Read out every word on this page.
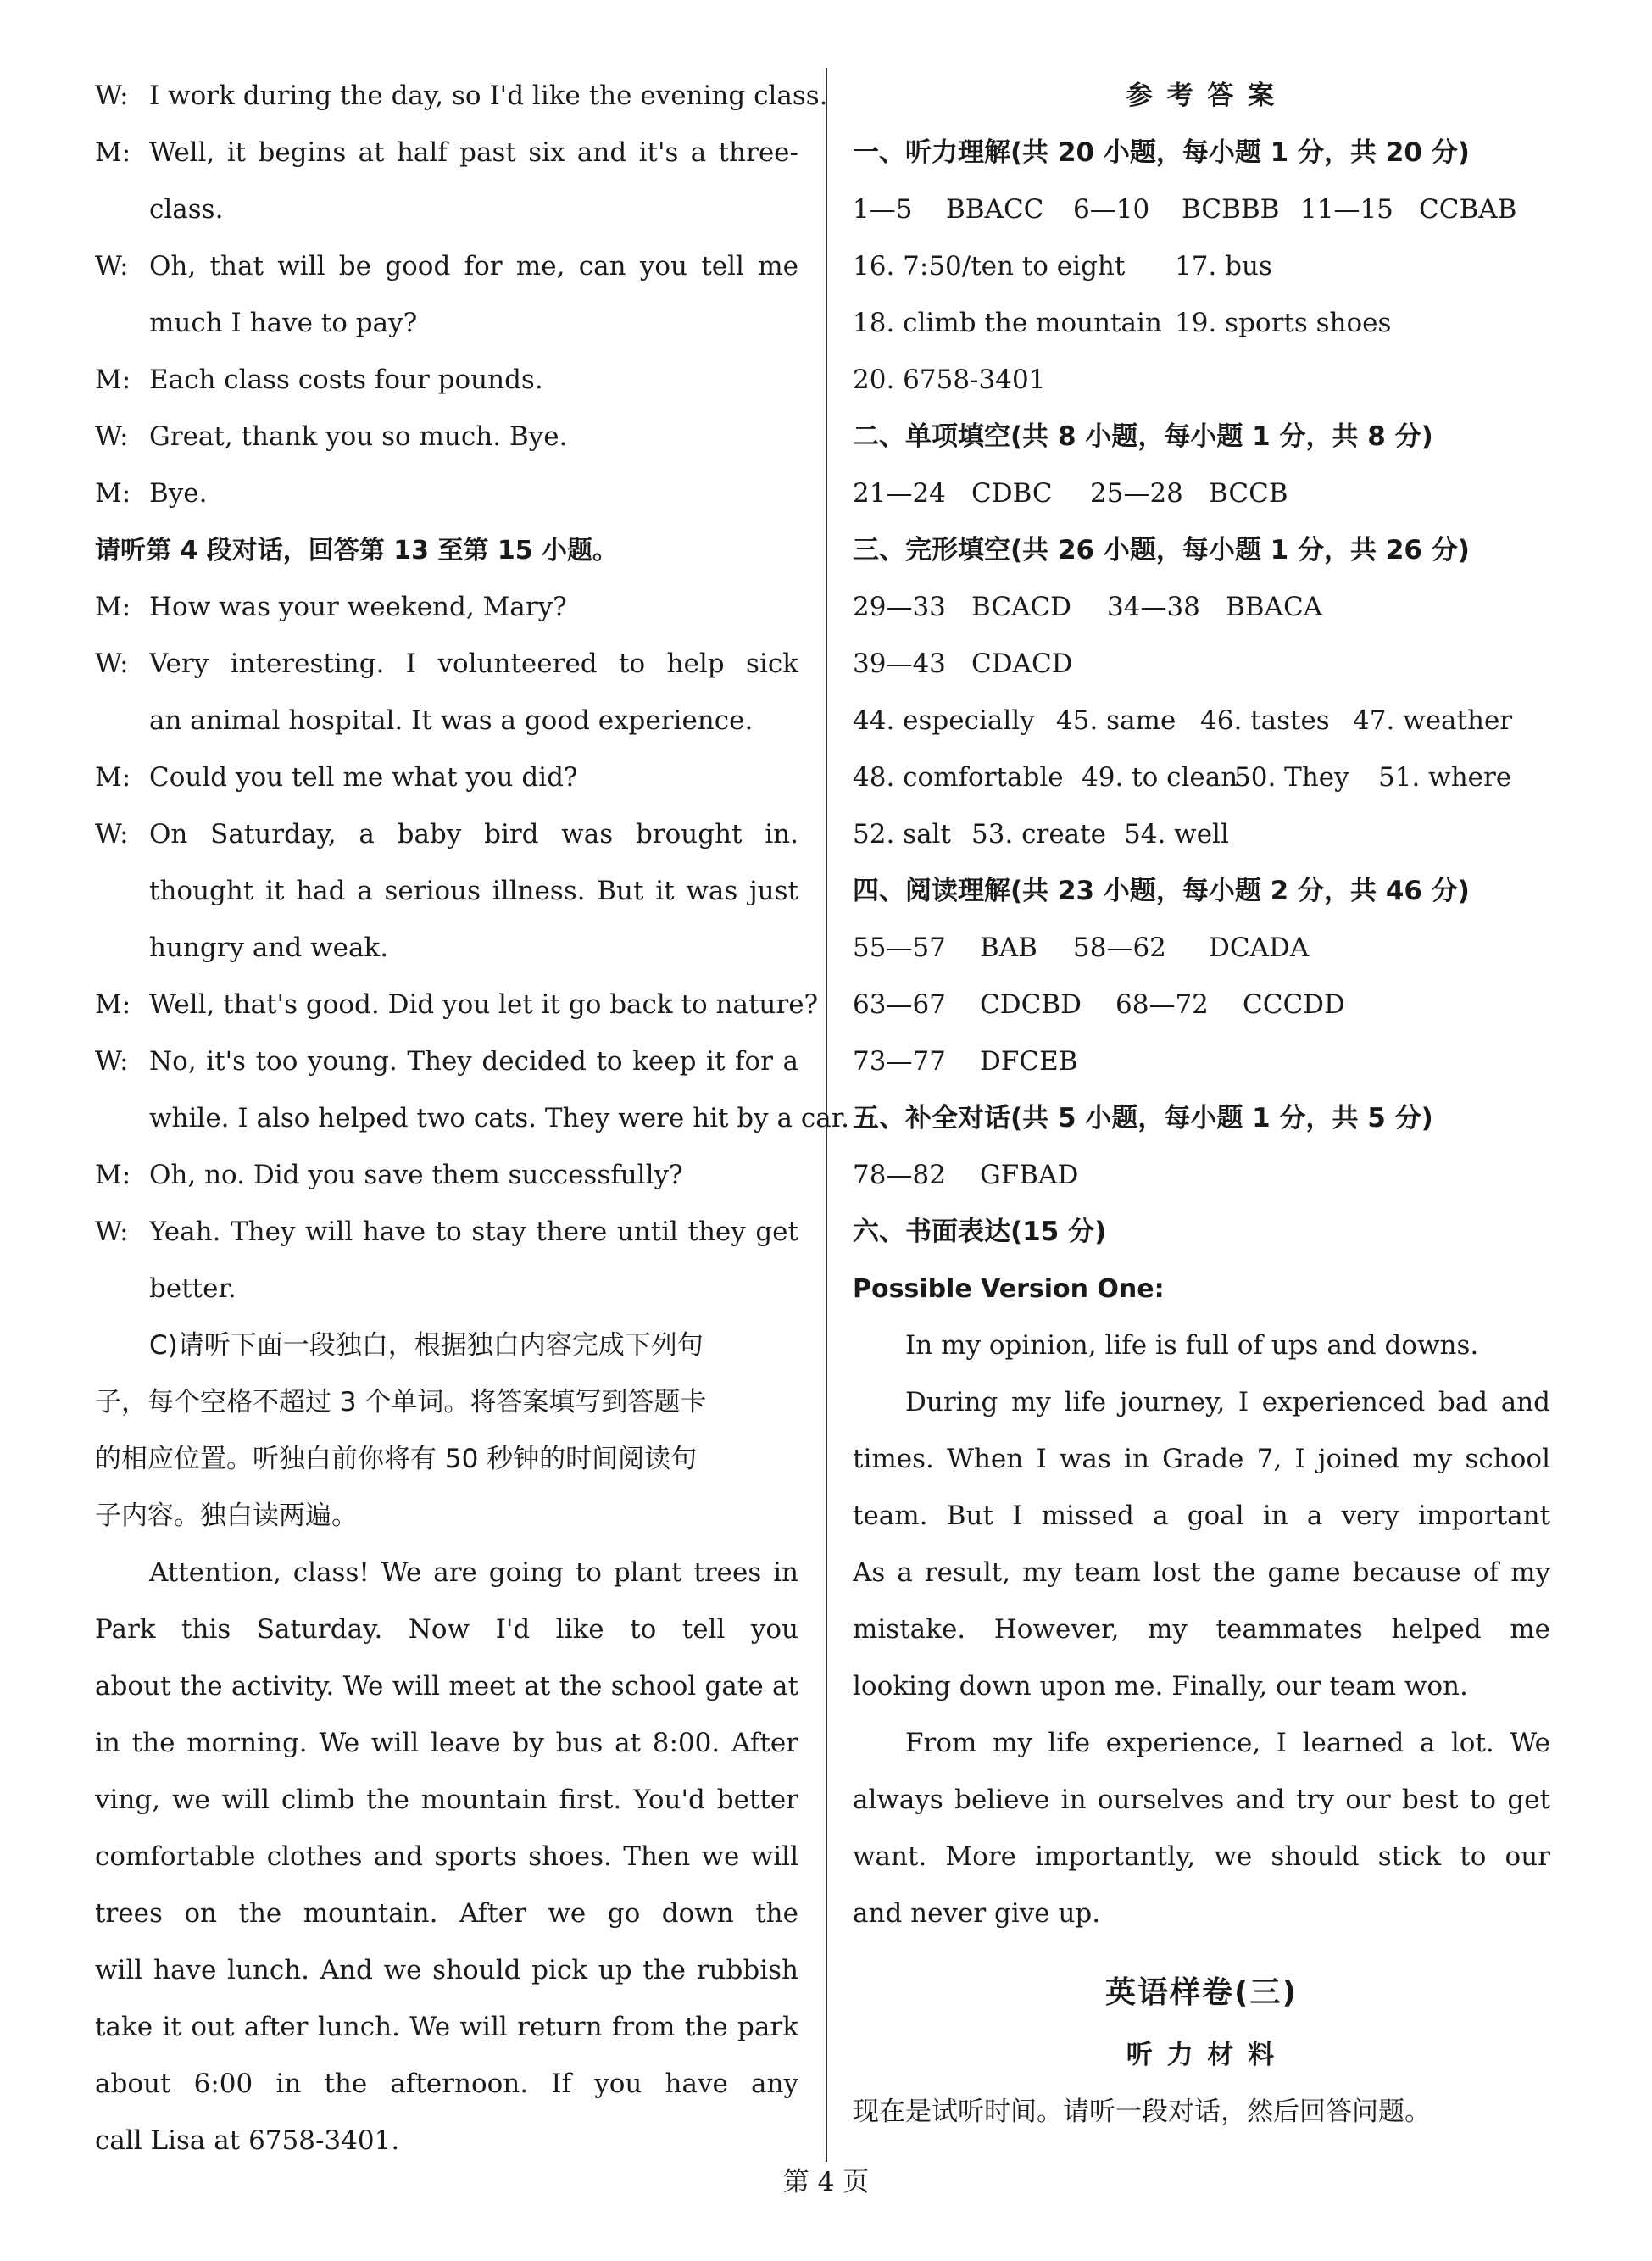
W: I work during the day, so I'd like the evening class.
M: Well, it begins at half past six and it's a three-
class.
W: Oh, that will be good for me, can you tell me
much I have to pay?
M: Each class costs four pounds.
W: Great, thank you so much. Bye.
M: Bye.
请听第 4 段对话，回答第 13 至第 15 小题。
M: How was your weekend, Mary?
W: Very interesting. I volunteered to help sick
an animal hospital. It was a good experience.
M: Could you tell me what you did?
W: On Saturday, a baby bird was brought in.
thought it had a serious illness. But it was just
hungry and weak.
M: Well, that's good. Did you let it go back to nature?
W: No, it's too young. They decided to keep it for a
while. I also helped two cats. They were hit by a car.
M: Oh, no. Did you save them successfully?
W: Yeah. They will have to stay there until they get
better.
C)请听下面一段独白，根据独白内容完成下列句
子，每个空格不超过 3 个单词。将答案填写到答题卡
的相应位置。听独白前你将有 50 秒钟的时间阅读句
子内容。独白读两遍。
Attention, class! We are going to plant trees in
Park this Saturday. Now I'd like to tell you
about the activity. We will meet at the school gate at
in the morning. We will leave by bus at 8:00. After
ving, we will climb the mountain first. You'd better
comfortable clothes and sports shoes. Then we will
trees on the mountain. After we go down the
will have lunch. And we should pick up the rubbish
take it out after lunch. We will return from the park
about 6:00 in the afternoon. If you have any
call Lisa at 6758-3401.
参 考 答 案
一、听力理解(共 20 小题，每小题 1 分，共 20 分)
1—5 BBACC 6—10 BCBBB 11—15 CCBAB
16. 7:50/ten to eight 17. bus
18. climb the mountain 19. sports shoes
20. 6758-3401
二、单项填空(共 8 小题，每小题 1 分，共 8 分)
21—24 CDBC 25—28 BCCB
三、完形填空(共 26 小题，每小题 1 分，共 26 分)
29—33 BCACD 34—38 BBACA
39—43 CDACD
44. especially 45. same 46. tastes 47. weather
48. comfortable 49. to clean50. They 51. where
52. salt 53. create 54. well
四、阅读理解(共 23 小题，每小题 2 分，共 46 分)
55—57 BAB 58—62 DCADA
63—67 CDCBD 68—72 CCCDD
73—77 DFCEB
五、补全对话(共 5 小题，每小题 1 分，共 5 分)
78—82 GFBAD
六、书面表达(15 分)
Possible Version One:
In my opinion, life is full of ups and downs.
During my life journey, I experienced bad and
times. When I was in Grade 7, I joined my school
team. But I missed a goal in a very important
As a result, my team lost the game because of my
mistake. However, my teammates helped me
looking down upon me. Finally, our team won.
From my life experience, I learned a lot. We
always believe in ourselves and try our best to get
want. More importantly, we should stick to our
and never give up.
英语样卷(三)
听 力 材 料
现在是试听时间。请听一段对话，然后回答问题。
第 4 页
